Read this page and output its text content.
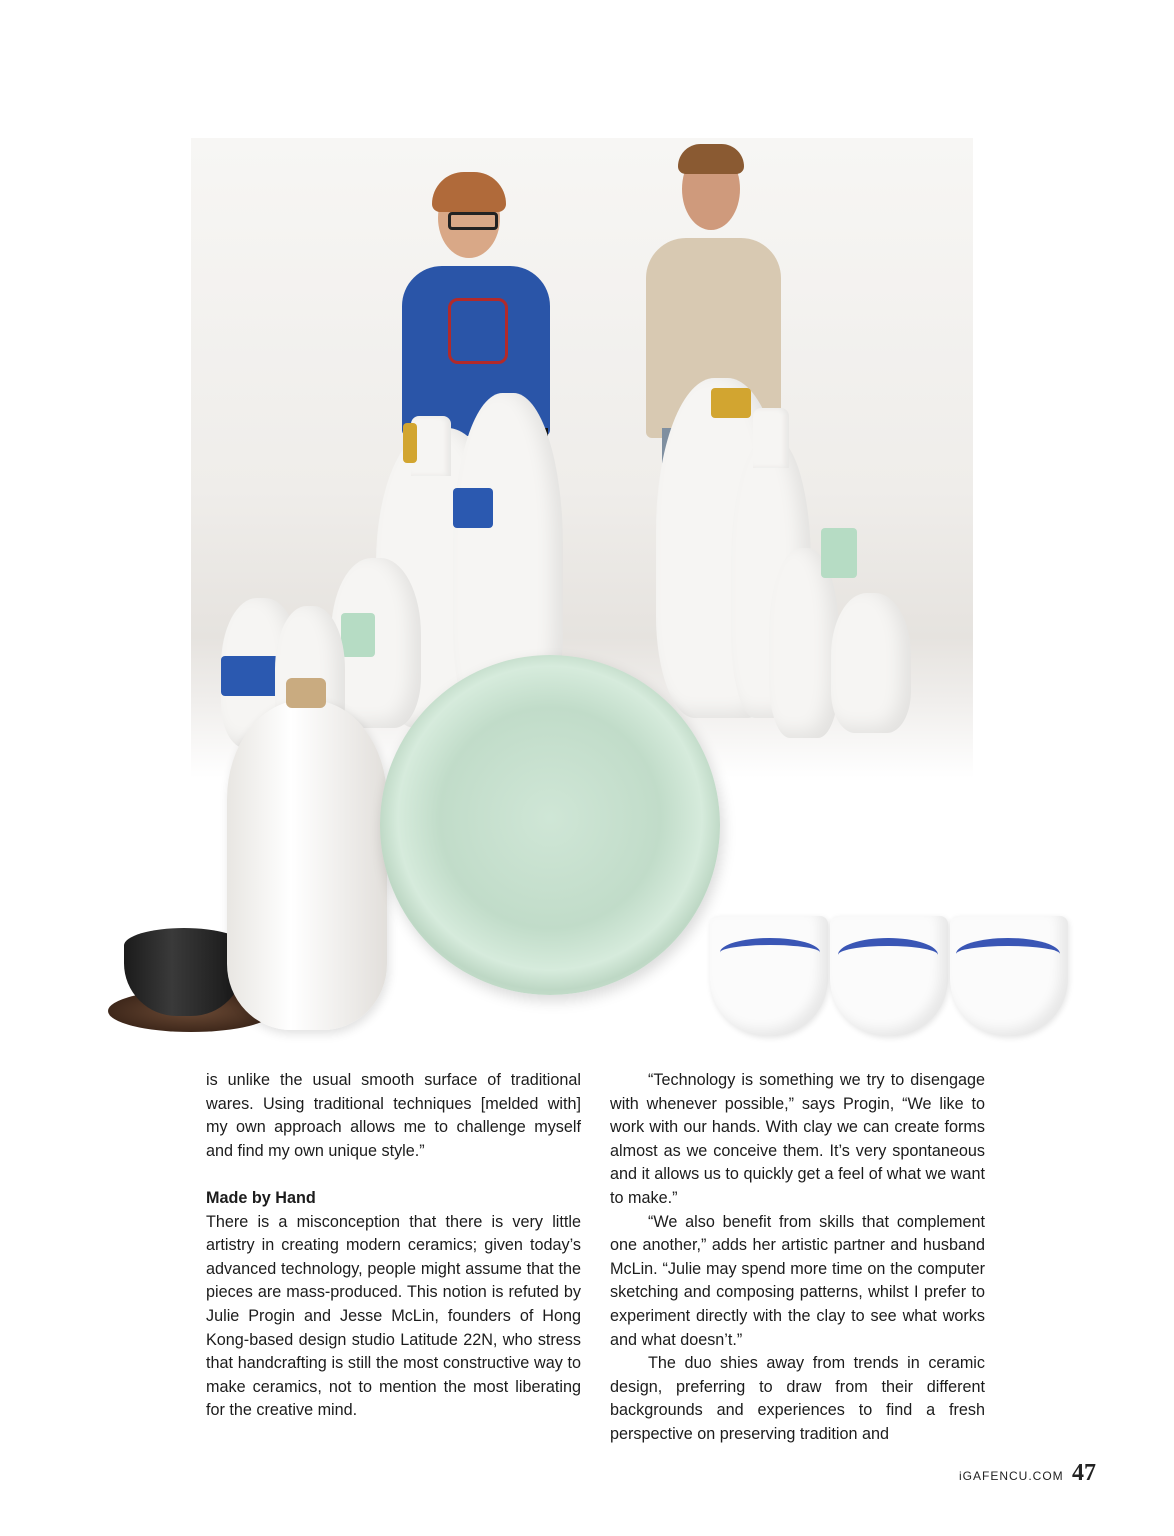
is unlike the usual smooth surface of traditional wares. Using traditional techniques [melded with] my own approach allows me to challenge myself and find my own unique style.”

Made by Hand

There is a misconception that there is very little artistry in creating modern ceramics; given today’s advanced technology, people might assume that the pieces are mass-produced. This notion is refuted by Julie Progin and Jesse McLin, founders of Hong Kong-based design studio Latitude 22N, who stress that handcrafting is still the most constructive way to make ceramics, not to mention the most liberating for the creative mind.

“Technology is something we try to disengage with whenever possible,” says Progin, “We like to work with our hands. With clay we can create forms almost as we conceive them. It’s very spontaneous and it allows us to quickly get a feel of what we want to make.”

“We also benefit from skills that complement one another,” adds her artistic partner and husband McLin. “Julie may spend more time on the computer sketching and composing patterns, whilst I prefer to experiment directly with the clay to see what works and what doesn’t.”

The duo shies away from trends in ceramic design, preferring to draw from their different backgrounds and experiences to find a fresh perspective on preserving tradition and

iGAFENCU.COM 47
